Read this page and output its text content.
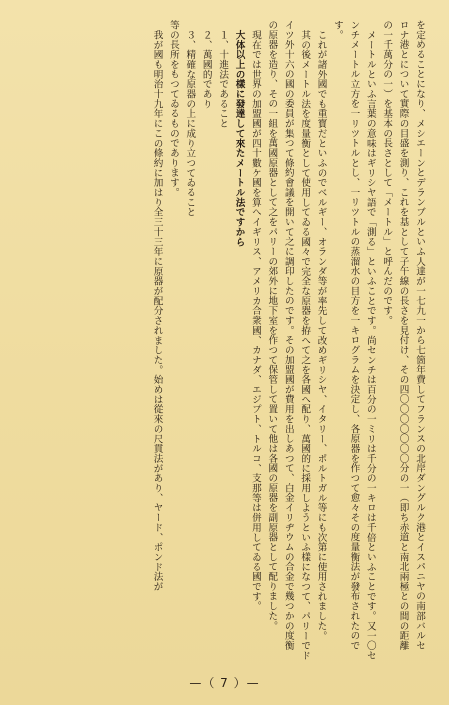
を定めることになり、メシエーンとデランブルといふ人達が一七九一から七箇年費してフランスの北岸ダングルク港とイスパニヤの南部バルセロナ港とについて實際の目盛を測り、これを基として子午線の長さを見付け、その四〇〇〇〇〇〇〇分の一（即ち赤道と南北兩極との間の距離の一千萬分の一）を基本の長さとして「メートル」と呼んだのです。

メートルといふ言葉の意味はギリシヤ語で「測る」といふことです。尚センチは百分の一ミリは千分の一キロは千倍といふことです。又一〇センチメートル立方を一リツトルとし、一リツトルの蒸溜水の目方を一キログラムを決定し、各原器を作つて愈々その度量衡法が發布されたのです。

これが諸外國でも重寳だといふのでベルギー、オランダ等が率先して改めギリシヤ、イタリー、ポルトガル等にも次第に使用されました。

其の後メートル法を度量衡として使用してゐる國々で完全な原器を拵へて之を各國へ配り、萬國的に採用しようといふ樣になつて、パリーでドイツ外十六の國の委員が集つて條約會議を開いて之に調印したのです。その加盟國が費用を出しあつて、白金イリヂウムの合金で幾つかの度衡の原器を造り、その一組を萬國原器として之をパリーの郊外に地下室を作つて保管して置いて他は各國の原器を副原器として配りました。

現在では世界の加盟國が四十數ケ國を算へイギリス、アメリカ合衆國、カナダ、エジプト、トルコ、支那等は併用してゐる國です。

大体以上の樣に發達して來たメートル法ですから

１、十進法であること

２、萬國的であり

３、精確な原器の上に成り立つてゐること

等の長所をもつてゐるものであります。

我が國も明治十九年にこの條約に加はり全三十三年に原器が配分されました。始めは從來の尺貫法があり、ヤード、ポンド法が

—（ 7 ）—
